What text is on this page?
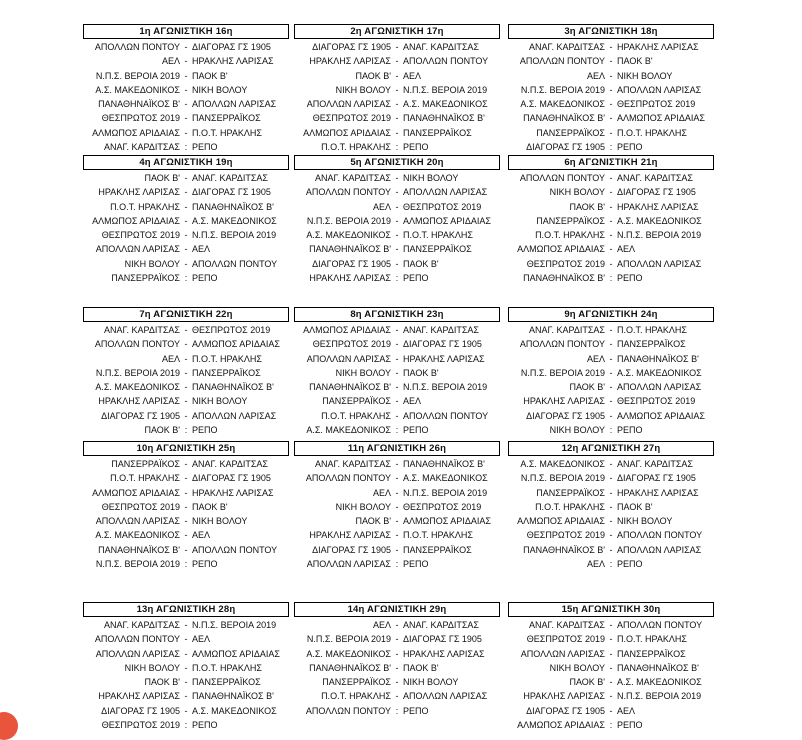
1η ΑΓΩΝΙΣΤΙΚΗ 16η
ΑΠΟΛΛΩΝ ΠΟΝΤΟΥ - ΔΙΑΓΟΡΑΣ ΓΣ 1905
ΑΕΛ - ΗΡΑΚΛΗΣ ΛΑΡΙΣΑΣ
Ν.Π.Σ. ΒΕΡΟΙΑ 2019 - ΠΑΟΚ Β'
Α.Σ. ΜΑΚΕΔΟΝΙΚΟΣ - ΝΙΚΗ ΒΟΛΟΥ
ΠΑΝΑΘΗΝΑΪΚΟΣ Β' - ΑΠΟΛΛΩΝ ΛΑΡΙΣΑΣ
ΘΕΣΠΡΩΤΟΣ 2019 - ΠΑΝΣΕΡΡΑΪΚΟΣ
ΑΛΜΩΠΟΣ ΑΡΙΔΑΙΑΣ - Π.Ο.Τ. ΗΡΑΚΛΗΣ
ΑΝΑΓ. ΚΑΡΔΙΤΣΑΣ : ΡΕΠΟ
2η ΑΓΩΝΙΣΤΙΚΗ 17η
ΔΙΑΓΟΡΑΣ ΓΣ 1905 - ΑΝΑΓ. ΚΑΡΔΙΤΣΑΣ
ΗΡΑΚΛΗΣ ΛΑΡΙΣΑΣ - ΑΠΟΛΛΩΝ ΠΟΝΤΟΥ
ΠΑΟΚ Β' - ΑΕΛ
ΝΙΚΗ ΒΟΛΟΥ - Ν.Π.Σ. ΒΕΡΟΙΑ 2019
ΑΠΟΛΛΩΝ ΛΑΡΙΣΑΣ - Α.Σ. ΜΑΚΕΔΟΝΙΚΟΣ
ΘΕΣΠΡΩΤΟΣ 2019 - ΠΑΝΑΘΗΝΑΪΚΟΣ Β'
ΑΛΜΩΠΟΣ ΑΡΙΔΑΙΑΣ - ΠΑΝΣΕΡΡΑΪΚΟΣ
Π.Ο.Τ. ΗΡΑΚΛΗΣ : ΡΕΠΟ
3η ΑΓΩΝΙΣΤΙΚΗ 18η
ΑΝΑΓ. ΚΑΡΔΙΤΣΑΣ - ΗΡΑΚΛΗΣ ΛΑΡΙΣΑΣ
ΑΠΟΛΛΩΝ ΠΟΝΤΟΥ - ΠΑΟΚ Β'
ΑΕΛ - ΝΙΚΗ ΒΟΛΟΥ
Ν.Π.Σ. ΒΕΡΟΙΑ 2019 - ΑΠΟΛΛΩΝ ΛΑΡΙΣΑΣ
Α.Σ. ΜΑΚΕΔΟΝΙΚΟΣ - ΘΕΣΠΡΩΤΟΣ 2019
ΠΑΝΑΘΗΝΑΪΚΟΣ Β' - ΑΛΜΩΠΟΣ ΑΡΙΔΑΙΑΣ
ΠΑΝΣΕΡΡΑΪΚΟΣ - Π.Ο.Τ. ΗΡΑΚΛΗΣ
ΔΙΑΓΟΡΑΣ ΓΣ 1905 : ΡΕΠΟ
4η ΑΓΩΝΙΣΤΙΚΗ 19η
ΠΑΟΚ Β' - ΑΝΑΓ. ΚΑΡΔΙΤΣΑΣ
ΗΡΑΚΛΗΣ ΛΑΡΙΣΑΣ - ΔΙΑΓΟΡΑΣ ΓΣ 1905
Π.Ο.Τ. ΗΡΑΚΛΗΣ - ΠΑΝΑΘΗΝΑΪΚΟΣ Β'
ΑΛΜΩΠΟΣ ΑΡΙΔΑΙΑΣ - Α.Σ. ΜΑΚΕΔΟΝΙΚΟΣ
ΘΕΣΠΡΩΤΟΣ 2019 - Ν.Π.Σ. ΒΕΡΟΙΑ 2019
ΑΠΟΛΛΩΝ ΛΑΡΙΣΑΣ - ΑΕΛ
ΝΙΚΗ ΒΟΛΟΥ - ΑΠΟΛΛΩΝ ΠΟΝΤΟΥ
ΠΑΝΣΕΡΡΑΪΚΟΣ : ΡΕΠΟ
5η ΑΓΩΝΙΣΤΙΚΗ 20η
ΑΝΑΓ. ΚΑΡΔΙΤΣΑΣ - ΝΙΚΗ ΒΟΛΟΥ
ΑΠΟΛΛΩΝ ΠΟΝΤΟΥ - ΑΠΟΛΛΩΝ ΛΑΡΙΣΑΣ
ΑΕΛ - ΘΕΣΠΡΩΤΟΣ 2019
Ν.Π.Σ. ΒΕΡΟΙΑ 2019 - ΑΛΜΩΠΟΣ ΑΡΙΔΑΙΑΣ
Α.Σ. ΜΑΚΕΔΟΝΙΚΟΣ - Π.Ο.Τ. ΗΡΑΚΛΗΣ
ΠΑΝΑΘΗΝΑΪΚΟΣ Β' - ΠΑΝΣΕΡΡΑΪΚΟΣ
ΔΙΑΓΟΡΑΣ ΓΣ 1905 - ΠΑΟΚ Β'
ΗΡΑΚΛΗΣ ΛΑΡΙΣΑΣ : ΡΕΠΟ
6η ΑΓΩΝΙΣΤΙΚΗ 21η
ΑΠΟΛΛΩΝ ΠΟΝΤΟΥ - ΑΝΑΓ. ΚΑΡΔΙΤΣΑΣ
ΝΙΚΗ ΒΟΛΟΥ - ΔΙΑΓΟΡΑΣ ΓΣ 1905
ΠΑΟΚ Β' - ΗΡΑΚΛΗΣ ΛΑΡΙΣΑΣ
ΠΑΝΣΕΡΡΑΪΚΟΣ - Α.Σ. ΜΑΚΕΔΟΝΙΚΟΣ
Π.Ο.Τ. ΗΡΑΚΛΗΣ - Ν.Π.Σ. ΒΕΡΟΙΑ 2019
ΑΛΜΩΠΟΣ ΑΡΙΔΑΙΑΣ - ΑΕΛ
ΘΕΣΠΡΩΤΟΣ 2019 - ΑΠΟΛΛΩΝ ΛΑΡΙΣΑΣ
ΠΑΝΑΘΗΝΑΪΚΟΣ Β' : ΡΕΠΟ
7η ΑΓΩΝΙΣΤΙΚΗ 22η
ΑΝΑΓ. ΚΑΡΔΙΤΣΑΣ - ΘΕΣΠΡΩΤΟΣ 2019
ΑΠΟΛΛΩΝ ΠΟΝΤΟΥ - ΑΛΜΩΠΟΣ ΑΡΙΔΑΙΑΣ
ΑΕΛ - Π.Ο.Τ. ΗΡΑΚΛΗΣ
Ν.Π.Σ. ΒΕΡΟΙΑ 2019 - ΠΑΝΣΕΡΡΑΪΚΟΣ
Α.Σ. ΜΑΚΕΔΟΝΙΚΟΣ - ΠΑΝΑΘΗΝΑΪΚΟΣ Β'
ΗΡΑΚΛΗΣ ΛΑΡΙΣΑΣ - ΝΙΚΗ ΒΟΛΟΥ
ΔΙΑΓΟΡΑΣ ΓΣ 1905 - ΑΠΟΛΛΩΝ ΛΑΡΙΣΑΣ
ΠΑΟΚ Β' : ΡΕΠΟ
8η ΑΓΩΝΙΣΤΙΚΗ 23η
ΑΛΜΩΠΟΣ ΑΡΙΔΑΙΑΣ - ΑΝΑΓ. ΚΑΡΔΙΤΣΑΣ
ΘΕΣΠΡΩΤΟΣ 2019 - ΔΙΑΓΟΡΑΣ ΓΣ 1905
ΑΠΟΛΛΩΝ ΛΑΡΙΣΑΣ - ΗΡΑΚΛΗΣ ΛΑΡΙΣΑΣ
ΝΙΚΗ ΒΟΛΟΥ - ΠΑΟΚ Β'
ΠΑΝΑΘΗΝΑΪΚΟΣ Β' - Ν.Π.Σ. ΒΕΡΟΙΑ 2019
ΠΑΝΣΕΡΡΑΪΚΟΣ - ΑΕΛ
Π.Ο.Τ. ΗΡΑΚΛΗΣ - ΑΠΟΛΛΩΝ ΠΟΝΤΟΥ
Α.Σ. ΜΑΚΕΔΟΝΙΚΟΣ : ΡΕΠΟ
9η ΑΓΩΝΙΣΤΙΚΗ 24η
ΑΝΑΓ. ΚΑΡΔΙΤΣΑΣ - Π.Ο.Τ. ΗΡΑΚΛΗΣ
ΑΠΟΛΛΩΝ ΠΟΝΤΟΥ - ΠΑΝΣΕΡΡΑΪΚΟΣ
ΑΕΛ - ΠΑΝΑΘΗΝΑΪΚΟΣ Β'
Ν.Π.Σ. ΒΕΡΟΙΑ 2019 - Α.Σ. ΜΑΚΕΔΟΝΙΚΟΣ
ΠΑΟΚ Β' - ΑΠΟΛΛΩΝ ΛΑΡΙΣΑΣ
ΗΡΑΚΛΗΣ ΛΑΡΙΣΑΣ - ΘΕΣΠΡΩΤΟΣ 2019
ΔΙΑΓΟΡΑΣ ΓΣ 1905 - ΑΛΜΩΠΟΣ ΑΡΙΔΑΙΑΣ
ΝΙΚΗ ΒΟΛΟΥ : ΡΕΠΟ
10η ΑΓΩΝΙΣΤΙΚΗ 25η
ΠΑΝΣΕΡΡΑΪΚΟΣ - ΑΝΑΓ. ΚΑΡΔΙΤΣΑΣ
Π.Ο.Τ. ΗΡΑΚΛΗΣ - ΔΙΑΓΟΡΑΣ ΓΣ 1905
ΑΛΜΩΠΟΣ ΑΡΙΔΑΙΑΣ - ΗΡΑΚΛΗΣ ΛΑΡΙΣΑΣ
ΘΕΣΠΡΩΤΟΣ 2019 - ΠΑΟΚ Β'
ΑΠΟΛΛΩΝ ΛΑΡΙΣΑΣ - ΝΙΚΗ ΒΟΛΟΥ
Α.Σ. ΜΑΚΕΔΟΝΙΚΟΣ - ΑΕΛ
ΠΑΝΑΘΗΝΑΪΚΟΣ Β' - ΑΠΟΛΛΩΝ ΠΟΝΤΟΥ
Ν.Π.Σ. ΒΕΡΟΙΑ 2019 : ΡΕΠΟ
11η ΑΓΩΝΙΣΤΙΚΗ 26η
ΑΝΑΓ. ΚΑΡΔΙΤΣΑΣ - ΠΑΝΑΘΗΝΑΪΚΟΣ Β'
ΑΠΟΛΛΩΝ ΠΟΝΤΟΥ - Α.Σ. ΜΑΚΕΔΟΝΙΚΟΣ
ΑΕΛ - Ν.Π.Σ. ΒΕΡΟΙΑ 2019
ΝΙΚΗ ΒΟΛΟΥ - ΘΕΣΠΡΩΤΟΣ 2019
ΠΑΟΚ Β' - ΑΛΜΩΠΟΣ ΑΡΙΔΑΙΑΣ
ΗΡΑΚΛΗΣ ΛΑΡΙΣΑΣ - Π.Ο.Τ. ΗΡΑΚΛΗΣ
ΔΙΑΓΟΡΑΣ ΓΣ 1905 - ΠΑΝΣΕΡΡΑΪΚΟΣ
ΑΠΟΛΛΩΝ ΛΑΡΙΣΑΣ : ΡΕΠΟ
12η ΑΓΩΝΙΣΤΙΚΗ 27η
Α.Σ. ΜΑΚΕΔΟΝΙΚΟΣ - ΑΝΑΓ. ΚΑΡΔΙΤΣΑΣ
Ν.Π.Σ. ΒΕΡΟΙΑ 2019 - ΔΙΑΓΟΡΑΣ ΓΣ 1905
ΠΑΝΣΕΡΡΑΪΚΟΣ - ΗΡΑΚΛΗΣ ΛΑΡΙΣΑΣ
Π.Ο.Τ. ΗΡΑΚΛΗΣ - ΠΑΟΚ Β'
ΑΛΜΩΠΟΣ ΑΡΙΔΑΙΑΣ - ΝΙΚΗ ΒΟΛΟΥ
ΘΕΣΠΡΩΤΟΣ 2019 - ΑΠΟΛΛΩΝ ΠΟΝΤΟΥ
ΠΑΝΑΘΗΝΑΪΚΟΣ Β' - ΑΠΟΛΛΩΝ ΛΑΡΙΣΑΣ
ΑΕΛ : ΡΕΠΟ
13η ΑΓΩΝΙΣΤΙΚΗ 28η
ΑΝΑΓ. ΚΑΡΔΙΤΣΑΣ - Ν.Π.Σ. ΒΕΡΟΙΑ 2019
ΑΠΟΛΛΩΝ ΠΟΝΤΟΥ - ΑΕΛ
ΑΠΟΛΛΩΝ ΛΑΡΙΣΑΣ - ΑΛΜΩΠΟΣ ΑΡΙΔΑΙΑΣ
ΝΙΚΗ ΒΟΛΟΥ - Π.Ο.Τ. ΗΡΑΚΛΗΣ
ΠΑΟΚ Β' - ΠΑΝΣΕΡΡΑΪΚΟΣ
ΗΡΑΚΛΗΣ ΛΑΡΙΣΑΣ - ΠΑΝΑΘΗΝΑΪΚΟΣ Β'
ΔΙΑΓΟΡΑΣ ΓΣ 1905 - Α.Σ. ΜΑΚΕΔΟΝΙΚΟΣ
ΘΕΣΠΡΩΤΟΣ 2019 : ΡΕΠΟ
14η ΑΓΩΝΙΣΤΙΚΗ 29η
ΑΕΛ - ΑΝΑΓ. ΚΑΡΔΙΤΣΑΣ
Ν.Π.Σ. ΒΕΡΟΙΑ 2019 - ΔΙΑΓΟΡΑΣ ΓΣ 1905
Α.Σ. ΜΑΚΕΔΟΝΙΚΟΣ - ΗΡΑΚΛΗΣ ΛΑΡΙΣΑΣ
ΠΑΝΑΘΗΝΑΪΚΟΣ Β' - ΠΑΟΚ Β'
ΠΑΝΣΕΡΡΑΪΚΟΣ - ΝΙΚΗ ΒΟΛΟΥ
Π.Ο.Τ. ΗΡΑΚΛΗΣ - ΑΠΟΛΛΩΝ ΛΑΡΙΣΑΣ
ΑΠΟΛΛΩΝ ΠΟΝΤΟΥ : ΡΕΠΟ
15η ΑΓΩΝΙΣΤΙΚΗ 30η
ΑΝΑΓ. ΚΑΡΔΙΤΣΑΣ - ΑΠΟΛΛΩΝ ΠΟΝΤΟΥ
ΘΕΣΠΡΩΤΟΣ 2019 - Π.Ο.Τ. ΗΡΑΚΛΗΣ
ΑΠΟΛΛΩΝ ΛΑΡΙΣΑΣ - ΠΑΝΣΕΡΡΑΪΚΟΣ
ΝΙΚΗ ΒΟΛΟΥ - ΠΑΝΑΘΗΝΑΪΚΟΣ Β'
ΠΑΟΚ Β' - Α.Σ. ΜΑΚΕΔΟΝΙΚΟΣ
ΗΡΑΚΛΗΣ ΛΑΡΙΣΑΣ - Ν.Π.Σ. ΒΕΡΟΙΑ 2019
ΔΙΑΓΟΡΑΣ ΓΣ 1905 - ΑΕΛ
ΑΛΜΩΠΟΣ ΑΡΙΔΑΙΑΣ : ΡΕΠΟ
